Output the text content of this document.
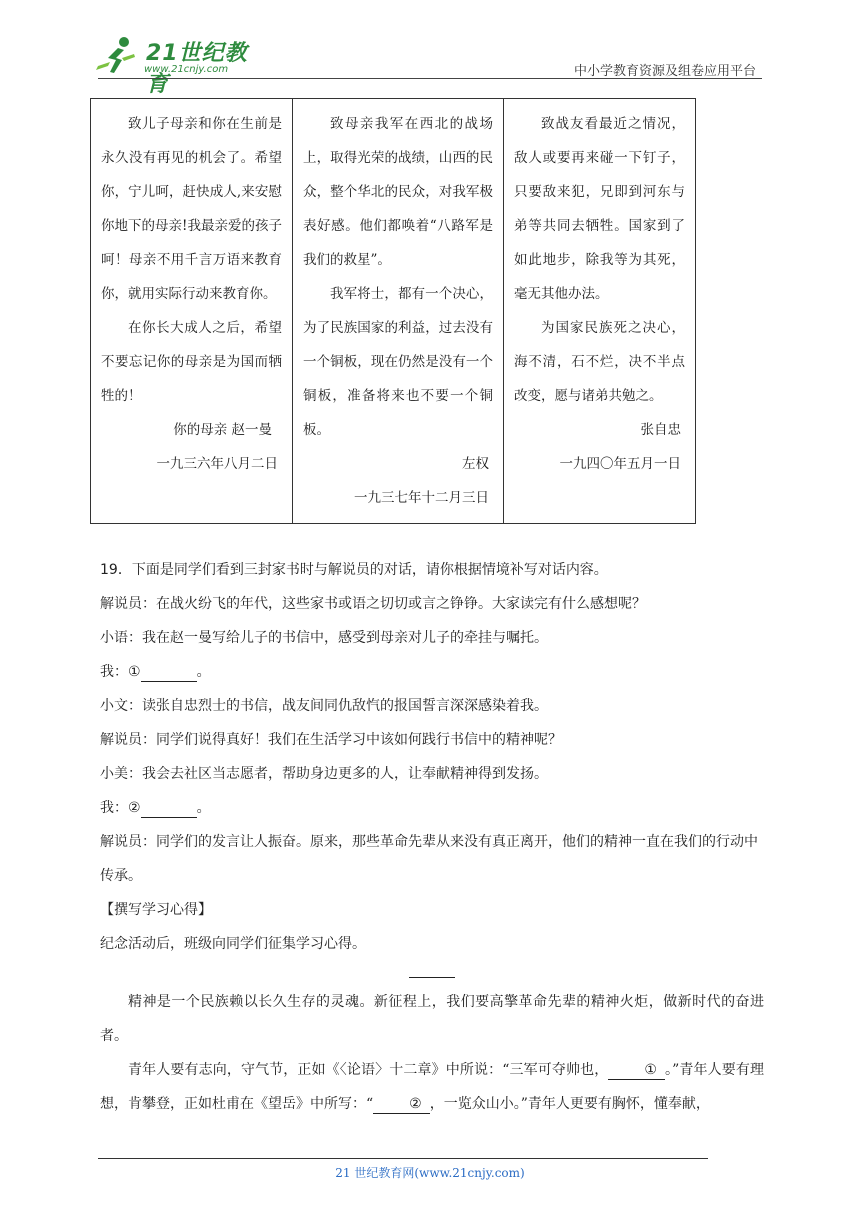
21世纪教育
www.21cnjy.com	中小学教育资源及组卷应用平台

致儿子母亲和你在生前是永久没有再见的机会了。希望你，宁儿呵，赶快成人,来安慰你地下的母亲!我最亲爱的孩子呵！母亲不用千言万语来教育你，就用实际行动来教育你。

在你长大成人之后，希望不要忘记你的母亲是为国而牺牲的！

你的母亲 赵一曼

一九三六年八月二日

致母亲我军在西北的战场上，取得光荣的战绩，山西的民众，整个华北的民众，对我军极表好感。他们都唤着“八路军是我们的救星”。

我军将士，都有一个决心，为了民族国家的利益，过去没有一个铜板，现在仍然是没有一个铜板，准备将来也不要一个铜板。

左权

一九三七年十二月三日

致战友看最近之情况，敌人或要再来碰一下钉子，只要敌来犯，兄即到河东与弟等共同去牺牲。国家到了如此地步，除我等为其死，毫无其他办法。

为国家民族死之决心，海不清，石不烂，决不半点改变，愿与诸弟共勉之。

张自忠

一九四〇年五月一日

19．下面是同学们看到三封家书时与解说员的对话，请你根据情境补写对话内容。

解说员：在战火纷飞的年代，这些家书或语之切切或言之铮铮。大家读完有什么感想呢？

小语：我在赵一曼写给儿子的书信中，感受到母亲对儿子的牵挂与嘱托。

我：①	。

小文：读张自忠烈士的书信，战友间同仇敌忾的报国誓言深深感染着我。

解说员：同学们说得真好！我们在生活学习中该如何践行书信中的精神呢？

小美：我会去社区当志愿者，帮助身边更多的人，让奉献精神得到发扬。

我：②	。

解说员：同学们的发言让人振奋。原来，那些革命先辈从来没有真正离开，他们的精神一直在我们的行动中传承。

【撰写学习心得】

纪念活动后，班级向同学们征集学习心得。

精神是一个民族赖以长久生存的灵魂。新征程上，我们要高擎革命先辈的精神火炬，做新时代的奋进者。

青年人要有志向，守气节，正如《〈论语〉十二章》中所说：“三军可夺帅也，	① 。”青年人要有理想，肯攀登，正如杜甫在《望岳》中所写：“	② ，一览众山小。”青年人更要有胸怀，懂奉献，

21 世纪教育网(www.21cnjy.com)
